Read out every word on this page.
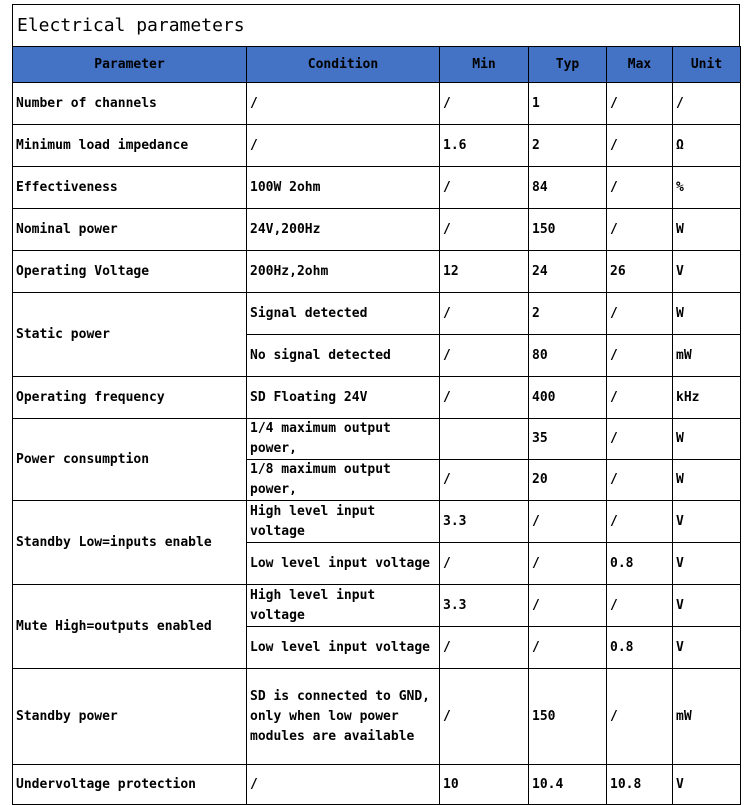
Electrical parameters
Parameter	Condition	Min	Typ	Max	Unit
Number of channels	/	/	1	/	/
Minimum load impedance	/	1.6	2	/	Ω
Effectiveness	100W 2ohm	/	84	/	%
Nominal power	24V,200Hz	/	150	/	W
Operating Voltage	200Hz,2ohm	12	24	26	V
Static power	Signal detected	/	2	/	W
	No signal detected	/	80	/	mW
Operating frequency	SD Floating 24V	/	400	/	kHz
Power consumption	1/4 maximum output power,		35	/	W
	1/8 maximum output power,	/	20	/	W
Standby Low=inputs enable	High level input voltage	3.3	/	/	V
	Low level input voltage	/	/	0.8	V
Mute High=outputs enabled	High level input voltage	3.3	/	/	V
	Low level input voltage	/	/	0.8	V
Standby power	SD is connected to GND, only when low power modules are available	/	150	/	mW
Undervoltage protection	/	10	10.4	10.8	V
